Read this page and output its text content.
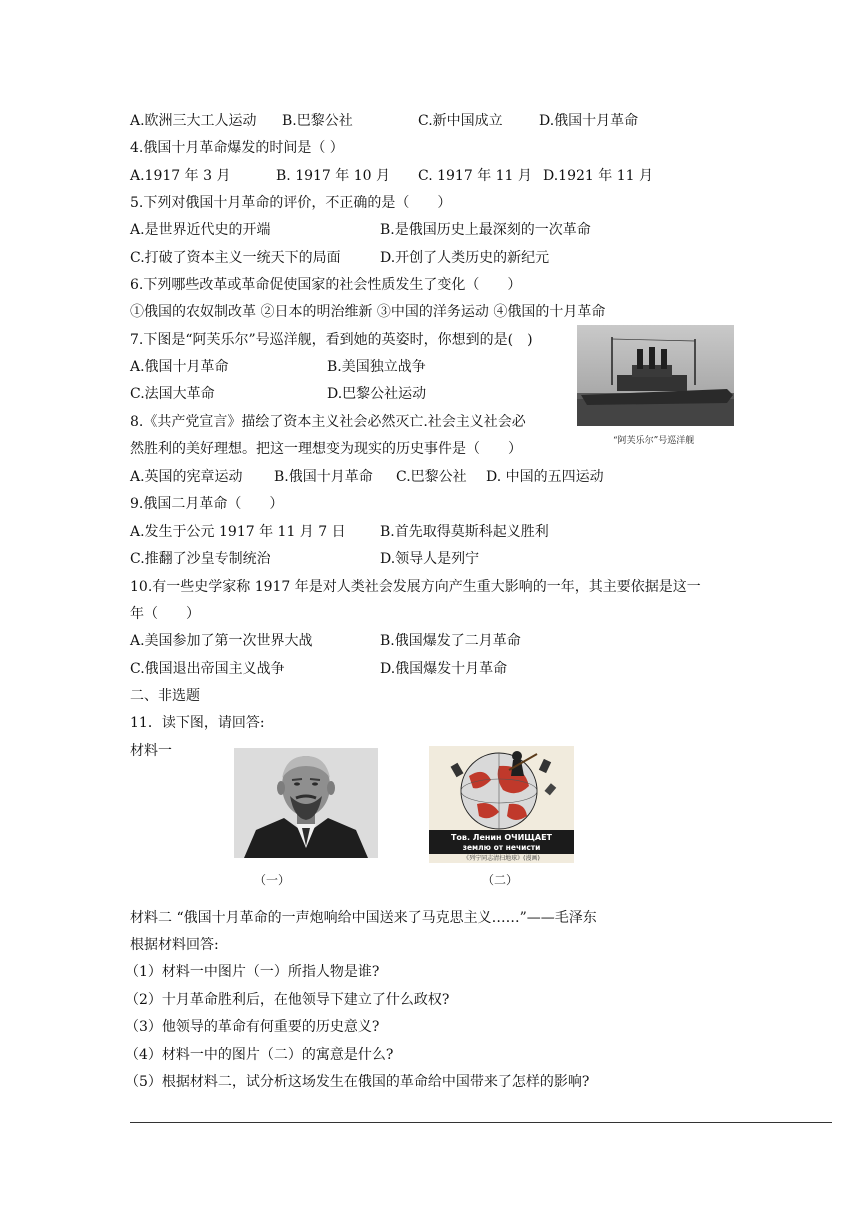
A.欧洲三大工人运动 B.巴黎公社	C.新中国成立	D.俄国十月革命
4.俄国十月革命爆发的时间是（ ）
A.1917 年 3 月	B. 1917 年 10 月 C. 1917 年 11 月 D.1921 年 11 月
5.下列对俄国十月革命的评价，不正确的是（　　）
A.是世界近代史的开端	B.是俄国历史上最深刻的一次革命
C.打破了资本主义一统天下的局面	D.开创了人类历史的新纪元
6.下列哪些改革或革命促使国家的社会性质发生了变化（　　）
①俄国的农奴制改革 ②日本的明治维新 ③中国的洋务运动 ④俄国的十月革命
7.下图是“阿芙乐尔”号巡洋舰，看到她的英姿时，你想到的是(　)
A.俄国十月革命	B.美国独立战争
C.法国大革命	D.巴黎公社运动
“阿芙乐尔”号巡洋舰
8.《共产党宣言》描绘了资本主义社会必然灭亡.社会主义社会必
然胜利的美好理想。把这一理想变为现实的历史事件是（　　）
A.英国的宪章运动 B.俄国十月革命 C.巴黎公社 D. 中国的五四运动
9.俄国二月革命（　　）
A.发生于公元 1917 年 11 月 7 日 B.首先取得莫斯科起义胜利
C.推翻了沙皇专制统治	D.领导人是列宁
10.有一些史学家称 1917 年是对人类社会发展方向产生重大影响的一年，其主要依据是这一
年（　　）
A.美国参加了第一次世界大战	B.俄国爆发了二月革命
C.俄国退出帝国主义战争	D.俄国爆发十月革命
二、非选题
11．读下图，请回答:
材料一
Тов. Ленин ОЧИЩАЕТ
землю от нечисти
《列宁同志清扫地球》(漫画)
（一）	（二）
材料二 “俄国十月革命的一声炮响给中国送来了马克思主义……”——毛泽东
根据材料回答:
（1）材料一中图片（一）所指人物是谁?
（2）十月革命胜利后，在他领导下建立了什么政权?
（3）他领导的革命有何重要的历史意义?
（4）材料一中的图片（二）的寓意是什么?
（5）根据材料二，试分析这场发生在俄国的革命给中国带来了怎样的影响?
